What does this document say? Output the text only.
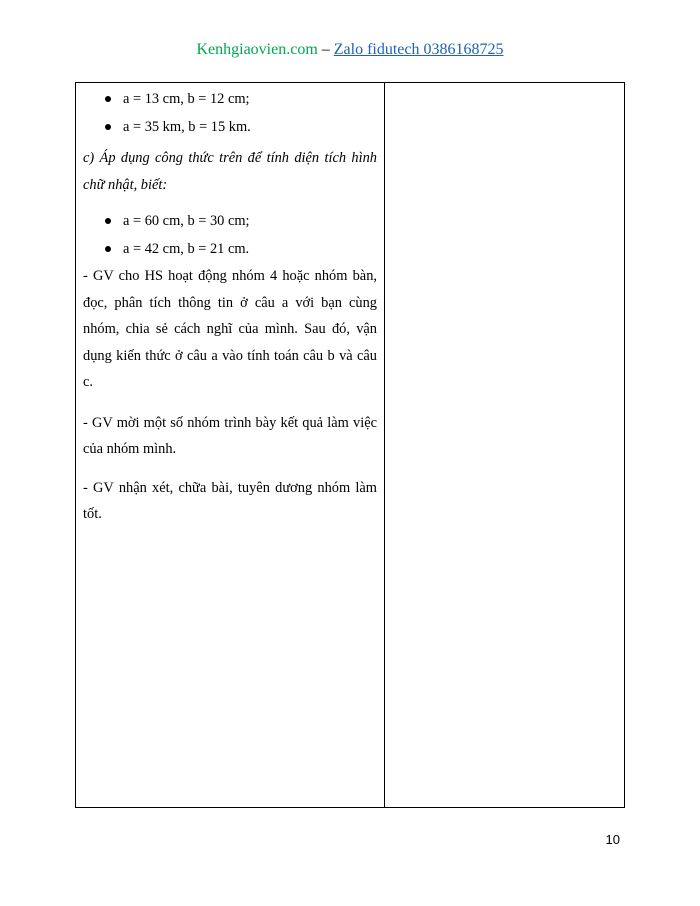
Kenhgiaovien.com – Zalo fidutech 0386168725
a = 13 cm, b = 12 cm;
a = 35 km, b = 15 km.

c) Áp dụng công thức trên để tính diện tích hình chữ nhật, biết:

a = 60 cm, b = 30 cm;
a = 42 cm, b = 21 cm.

- GV cho HS hoạt động nhóm 4 hoặc nhóm bàn, đọc, phân tích thông tin ở câu a với bạn cùng nhóm, chia sẻ cách nghĩ của mình. Sau đó, vận dụng kiến thức ở câu a vào tính toán câu b và câu c.

- GV mời một số nhóm trình bày kết quả làm việc của nhóm mình.

- GV nhận xét, chữa bài, tuyên dương nhóm làm tốt.

10
